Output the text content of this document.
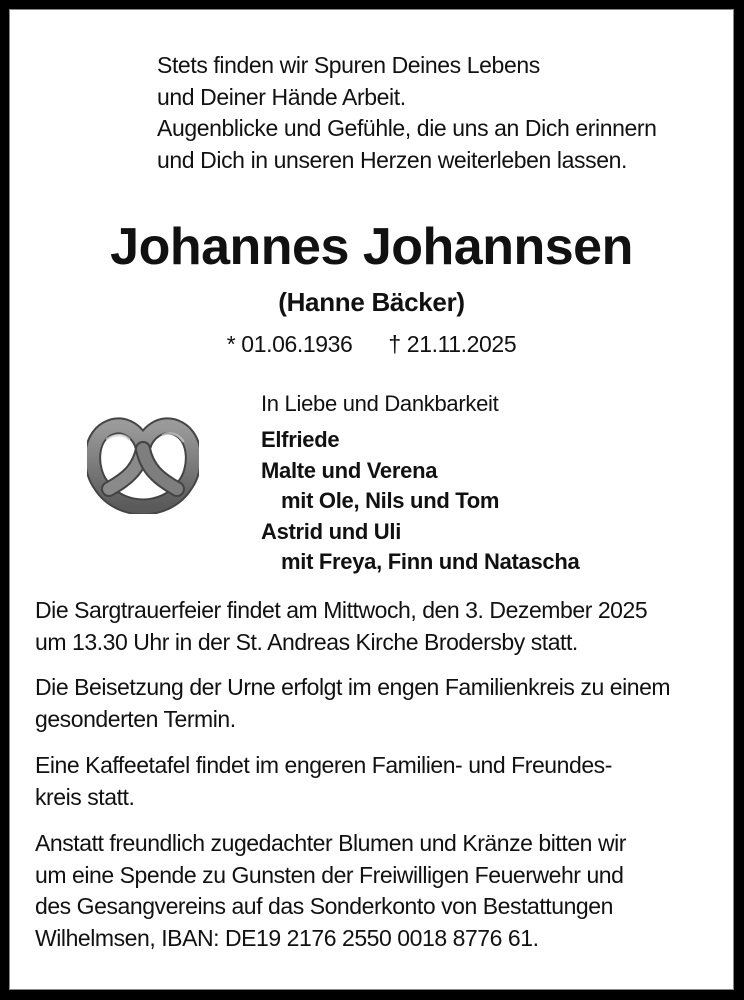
Stets finden wir Spuren Deines Lebens
und Deiner Hände Arbeit.
Augenblicke und Gefühle, die uns an Dich erinnern
und Dich in unseren Herzen weiterleben lassen.
Johannes Johannsen
(Hanne Bäcker)
* 01.06.1936 † 21.11.2025
In Liebe und Dankbarkeit
Elfriede
Malte und Verena
mit Ole, Nils und Tom
Astrid und Uli
mit Freya, Finn und Natascha
Die Sargtrauerfeier findet am Mittwoch, den 3. Dezember 2025
um 13.30 Uhr in der St. Andreas Kirche Brodersby statt.
Die Beisetzung der Urne erfolgt im engen Familienkreis zu einem
gesonderten Termin.
Eine Kaffeetafel findet im engeren Familien- und Freundes-
kreis statt.
Anstatt freundlich zugedachter Blumen und Kränze bitten wir
um eine Spende zu Gunsten der Freiwilligen Feuerwehr und
des Gesangvereins auf das Sonderkonto von Bestattungen
Wilhelmsen, IBAN: DE19 2176 2550 0018 8776 61.
